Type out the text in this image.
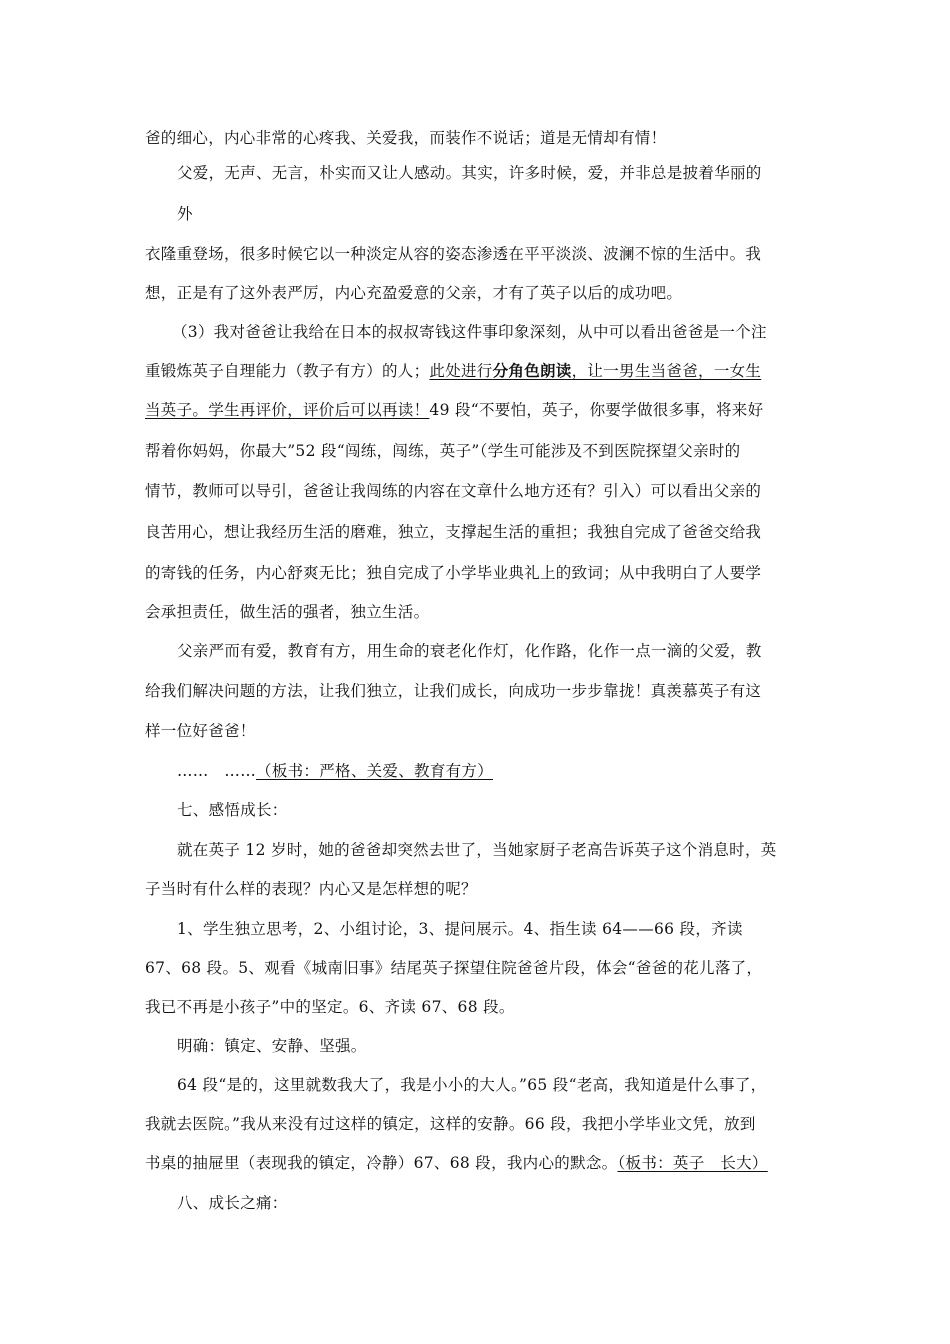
爸的细心，内心非常的心疼我、关爱我，而装作不说话；道是无情却有情！
父爱，无声、无言，朴实而又让人感动。其实，许多时候，爱，并非总是披着华丽的
外
衣隆重登场，很多时候它以一种淡定从容的姿态渗透在平平淡淡、波澜不惊的生活中。我
想，正是有了这外表严厉，内心充盈爱意的父亲，才有了英子以后的成功吧。
（3）我对爸爸让我给在日本的叔叔寄钱这件事印象深刻，从中可以看出爸爸是一个注
重锻炼英子自理能力（教子有方）的人；此处进行分角色朗读，让一男生当爸爸，一女生
当英子。学生再评价，评价后可以再读！49 段“不要怕，英子，你要学做很多事，将来好
帮着你妈妈，你最大”52 段“闯练，闯练，英子”（学生可能涉及不到医院探望父亲时的
情节，教师可以导引，爸爸让我闯练的内容在文章什么地方还有？引入）可以看出父亲的
良苦用心，想让我经历生活的磨难，独立，支撑起生活的重担；我独自完成了爸爸交给我
的寄钱的任务，内心舒爽无比；独自完成了小学毕业典礼上的致词；从中我明白了人要学
会承担责任，做生活的强者，独立生活。
父亲严而有爱，教育有方，用生命的衰老化作灯，化作路，化作一点一滴的父爱，教
给我们解决问题的方法，让我们独立，让我们成长，向成功一步步靠拢！真羡慕英子有这
样一位好爸爸！
……　……（板书：严格、关爱、教育有方）
七、感悟成长：
就在英子 12 岁时，她的爸爸却突然去世了，当她家厨子老高告诉英子这个消息时，英
子当时有什么样的表现？内心又是怎样想的呢？
1、学生独立思考，2、小组讨论，3、提问展示。4、指生读 64——66 段，齐读
67、68 段。5、观看《城南旧事》结尾英子探望住院爸爸片段，体会“爸爸的花儿落了，
我已不再是小孩子”中的坚定。6、齐读 67、68 段。
明确：镇定、安静、坚强。
64 段“是的，这里就数我大了，我是小小的大人。”65 段“老高，我知道是什么事了，
我就去医院。”我从来没有过这样的镇定，这样的安静。66 段，我把小学毕业文凭，放到
书桌的抽屉里（表现我的镇定，冷静）67、68 段，我内心的默念。（板书：英子　长大）
八、成长之痛：
